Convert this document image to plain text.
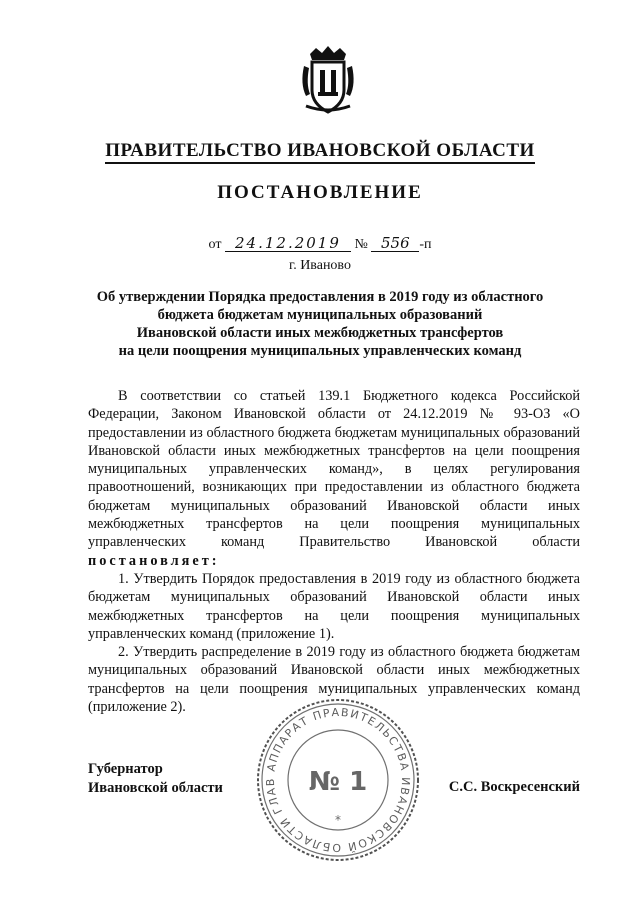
ПРАВИТЕЛЬСТВО ИВАНОВСКОЙ ОБЛАСТИ
ПОСТАНОВЛЕНИЕ
от 24.12.2019 № 556 -п
г. Иваново
Об утверждении Порядка предоставления в 2019 году из областного
бюджета бюджетам муниципальных образований
Ивановской области иных межбюджетных трансфертов
на цели поощрения муниципальных управленческих команд

В соответствии со статьей 139.1 Бюджетного кодекса Российской Федерации, Законом Ивановской области от 24.12.2019 № 93-ОЗ «О предоставлении из областного бюджета бюджетам муниципальных образований Ивановской области иных межбюджетных трансфертов на цели поощрения муниципальных управленческих команд», в целях регулирования правоотношений, возникающих при предоставлении из областного бюджета бюджетам муниципальных образований Ивановской области иных межбюджетных трансфертов на цели поощрения муниципальных управленческих команд Правительство Ивановской области постановляет:

1. Утвердить Порядок предоставления в 2019 году из областного бюджета бюджетам муниципальных образований Ивановской области иных межбюджетных трансфертов на цели поощрения муниципальных управленческих команд (приложение 1).

2. Утвердить распределение в 2019 году из областного бюджета бюджетам муниципальных образований Ивановской области иных межбюджетных трансфертов на цели поощрения муниципальных управленческих команд (приложение 2).

Губернатор
Ивановской области	С.С. Воскресенский
АППАРАТ ПРАВИТЕЛЬСТВА ИВАНОВСКОЙ ОБЛАСТИ ГЛАВ	№ 1
*
